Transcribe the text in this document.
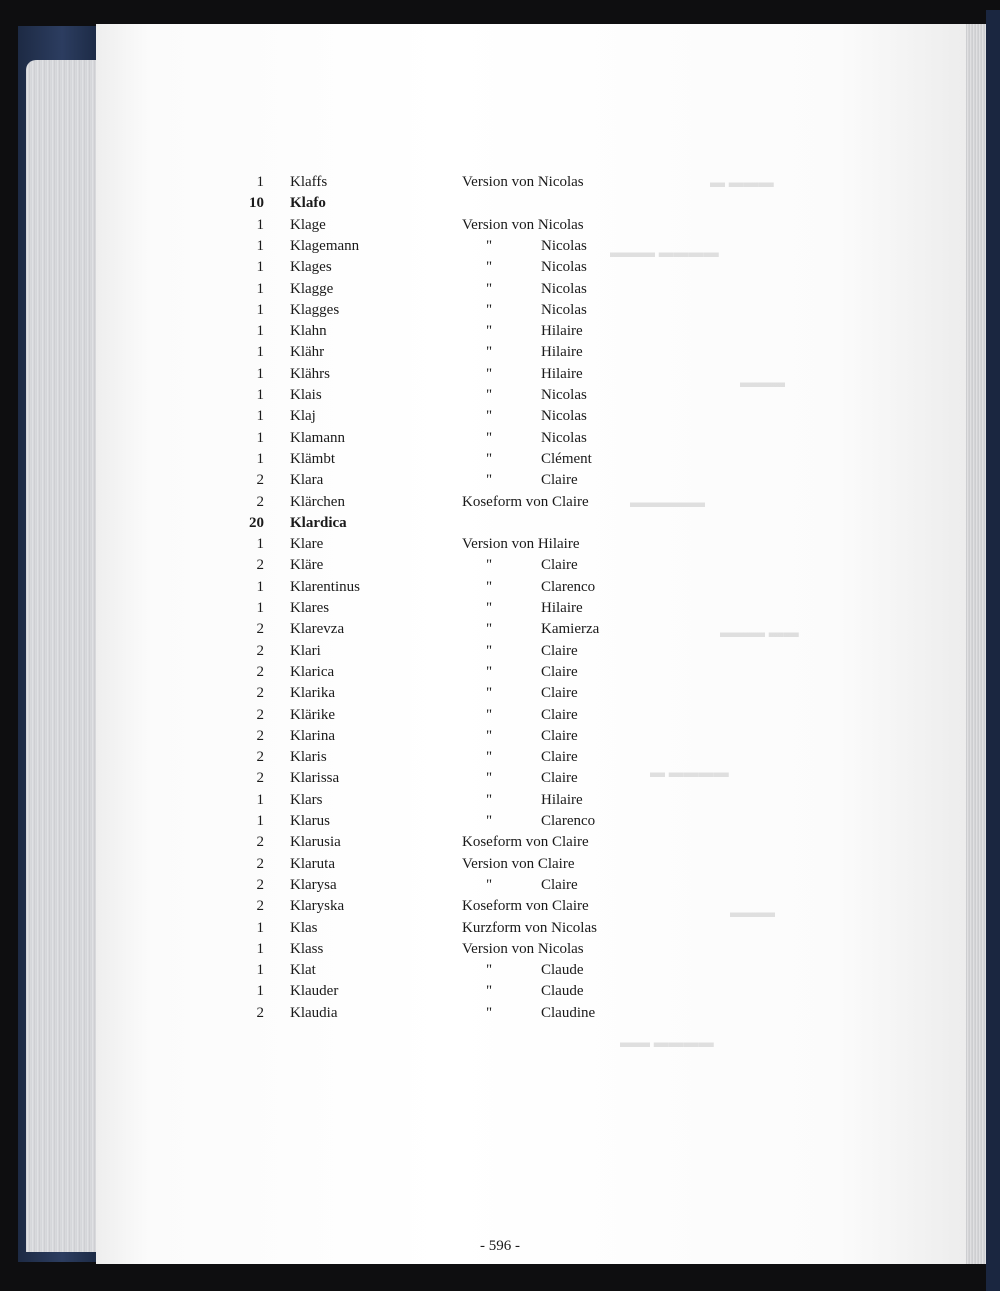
1 Klaffs	Version von Nicolas
10 Klafo
1 Klage	Version von Nicolas
1 Klagemann	"	Nicolas
1 Klages	"	Nicolas
1 Klagge	"	Nicolas
1 Klagges	"	Nicolas
1 Klahn	"	Hilaire
1 Klähr	"	Hilaire
1 Klährs	"	Hilaire
1 Klais	"	Nicolas
1 Klaj	"	Nicolas
1 Klamann	"	Nicolas
1 Klämbt	"	Clément
2 Klara	"	Claire
2 Klärchen	Koseform von Claire
20 Klardica
1 Klare	Version von Hilaire
2 Kläre	"	Claire
1 Klarentinus	"	Clarenco
1 Klares	"	Hilaire
2 Klarevza	"	Kamierza
2 Klari	"	Claire
2 Klarica	"	Claire
2 Klarika	"	Claire
2 Klärike	"	Claire
2 Klarina	"	Claire
2 Klaris	"	Claire
2 Klarissa	"	Claire
1 Klars	"	Hilaire
1 Klarus	"	Clarenco
2 Klarusia	Koseform von Claire
2 Klaruta	Version von Claire
2 Klarysa	"	Claire
2 Klaryska	Koseform von Claire
1 Klas	Kurzform von Nicolas
1 Klass	Version von Nicolas
1 Klat	"	Claude
1 Klauder	"	Claude
2 Klaudia	"	Claudine
- 596 -
